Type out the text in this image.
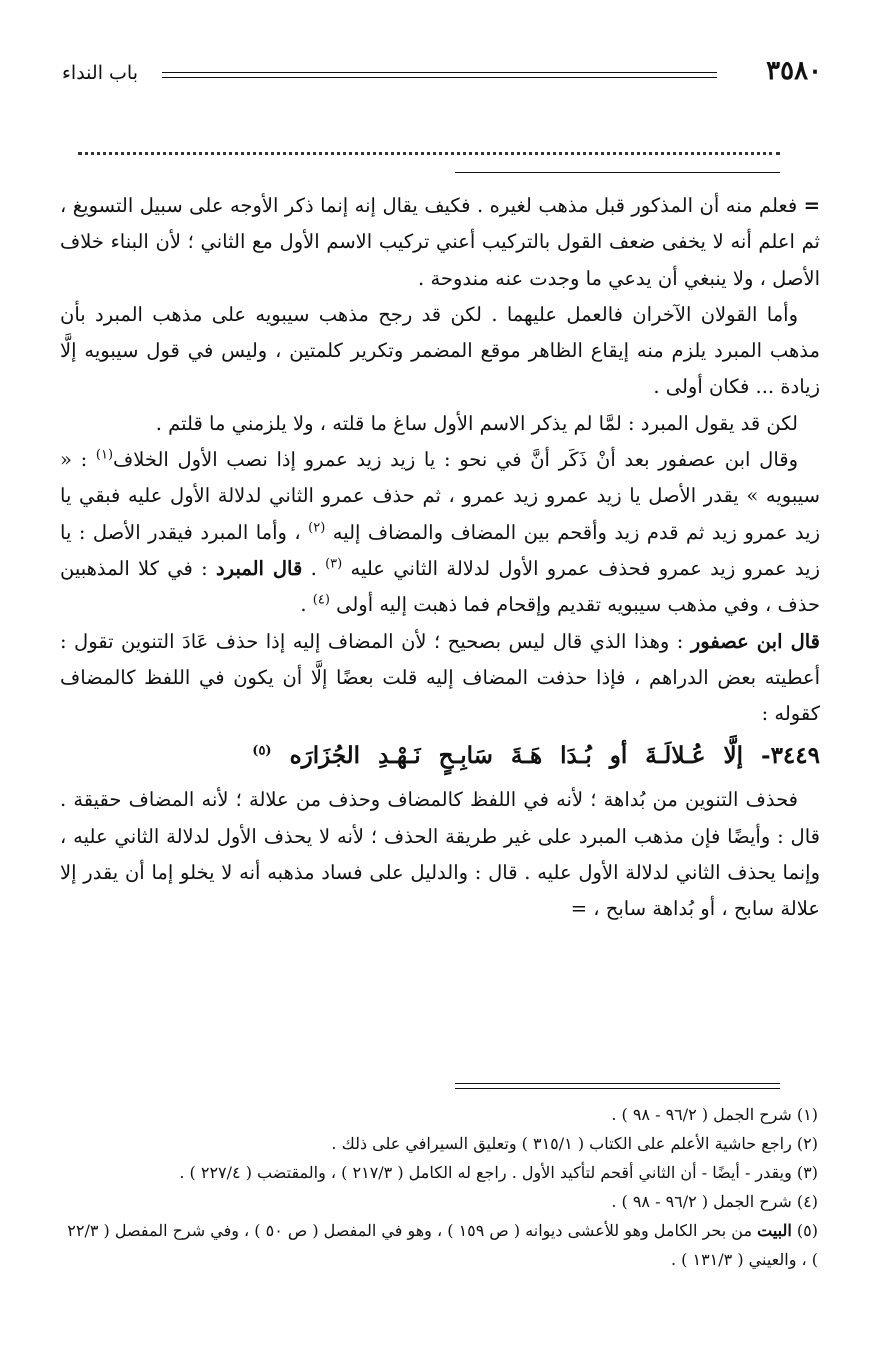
باب النداء	٣٥٨٠

= فعلم منه أن المذكور قبل مذهب لغيره . فكيف يقال إنه إنما ذكر الأوجه على سبيل التسويغ ، ثم اعلم أنه لا يخفى ضعف القول بالتركيب أعني تركيب الاسم الأول مع الثاني ؛ لأن البناء خلاف الأصل ، ولا ينبغي أن يدعي ما وجدت عنه مندوحة .

وأما القولان الآخران فالعمل عليهما . لكن قد رجح مذهب سيبويه على مذهب المبرد بأن مذهب المبرد يلزم منه إيقاع الظاهر موقع المضمر وتكرير كلمتين ، وليس في قول سيبويه إلَّا زيادة ... فكان أولى .

لكن قد يقول المبرد : لمَّا لم يذكر الاسم الأول ساغ ما قلته ، ولا يلزمني ما قلتم .

وقال ابن عصفور بعد أنْ ذَكَر أنَّ في نحو : يا زيد زيد عمرو إذا نصب الأول الخلاف$^{(١)}$ : « سيبويه » يقدر الأصل يا زيد عمرو زيد عمرو ، ثم حذف عمرو الثاني لدلالة الأول عليه فبقي يا زيد عمرو زيد ثم قدم زيد وأقحم بين المضاف والمضاف إليه $^{(٢)}$ ، وأما المبرد فيقدر الأصل : يا زيد عمرو زيد عمرو فحذف عمرو الأول لدلالة الثاني عليه $^{(٣)}$ . قال المبرد : في كلا المذهبين حذف ، وفي مذهب سيبويه تقديم وإقحام فما ذهبت إليه أولى $^{(٤)}$ .

قال ابن عصفور : وهذا الذي قال ليس بصحيح ؛ لأن المضاف إليه إذا حذف عَادَ التنوين تقول : أعطيته بعض الدراهم ، فإذا حذفت المضاف إليه قلت بعضًا إلَّا أن يكون في اللفظ كالمضاف كقوله :

٣٤٤٩- إلَّا عُـلالَـةَ أو بُـدَا هَـةَ سَابِـحٍ نَـهْـدِ الجُزَارَه $^{(٥)}$

فحذف التنوين من بُداهة ؛ لأنه في اللفظ كالمضاف وحذف من علالة ؛ لأنه المضاف حقيقة . قال : وأيضًا فإن مذهب المبرد على غير طريقة الحذف ؛ لأنه لا يحذف الأول لدلالة الثاني عليه ، وإنما يحذف الثاني لدلالة الأول عليه . قال : والدليل على فساد مذهبه أنه لا يخلو إما أن يقدر إلا علالة سابح ، أو بُداهة سابح ، =

(١) شرح الجمل ( ٩٦/٢ - ٩٨ ) .

(٢) راجع حاشية الأعلم على الكتاب ( ٣١٥/١ ) وتعليق السيرافي على ذلك .

(٣) ويقدر - أيضًا - أن الثاني أقحم لتأكيد الأول . راجع له الكامل ( ٢١٧/٣ ) ، والمقتضب ( ٢٢٧/٤ ) .

(٤) شرح الجمل ( ٩٦/٢ - ٩٨ ) .

(٥) البيت من بحر الكامل وهو للأعشى ديوانه ( ص ١٥٩ ) ، وهو في المفصل ( ص ٥٠ ) ، وفي شرح المفصل ( ٢٢/٣ ) ، والعيني ( ١٣١/٣ ) .
